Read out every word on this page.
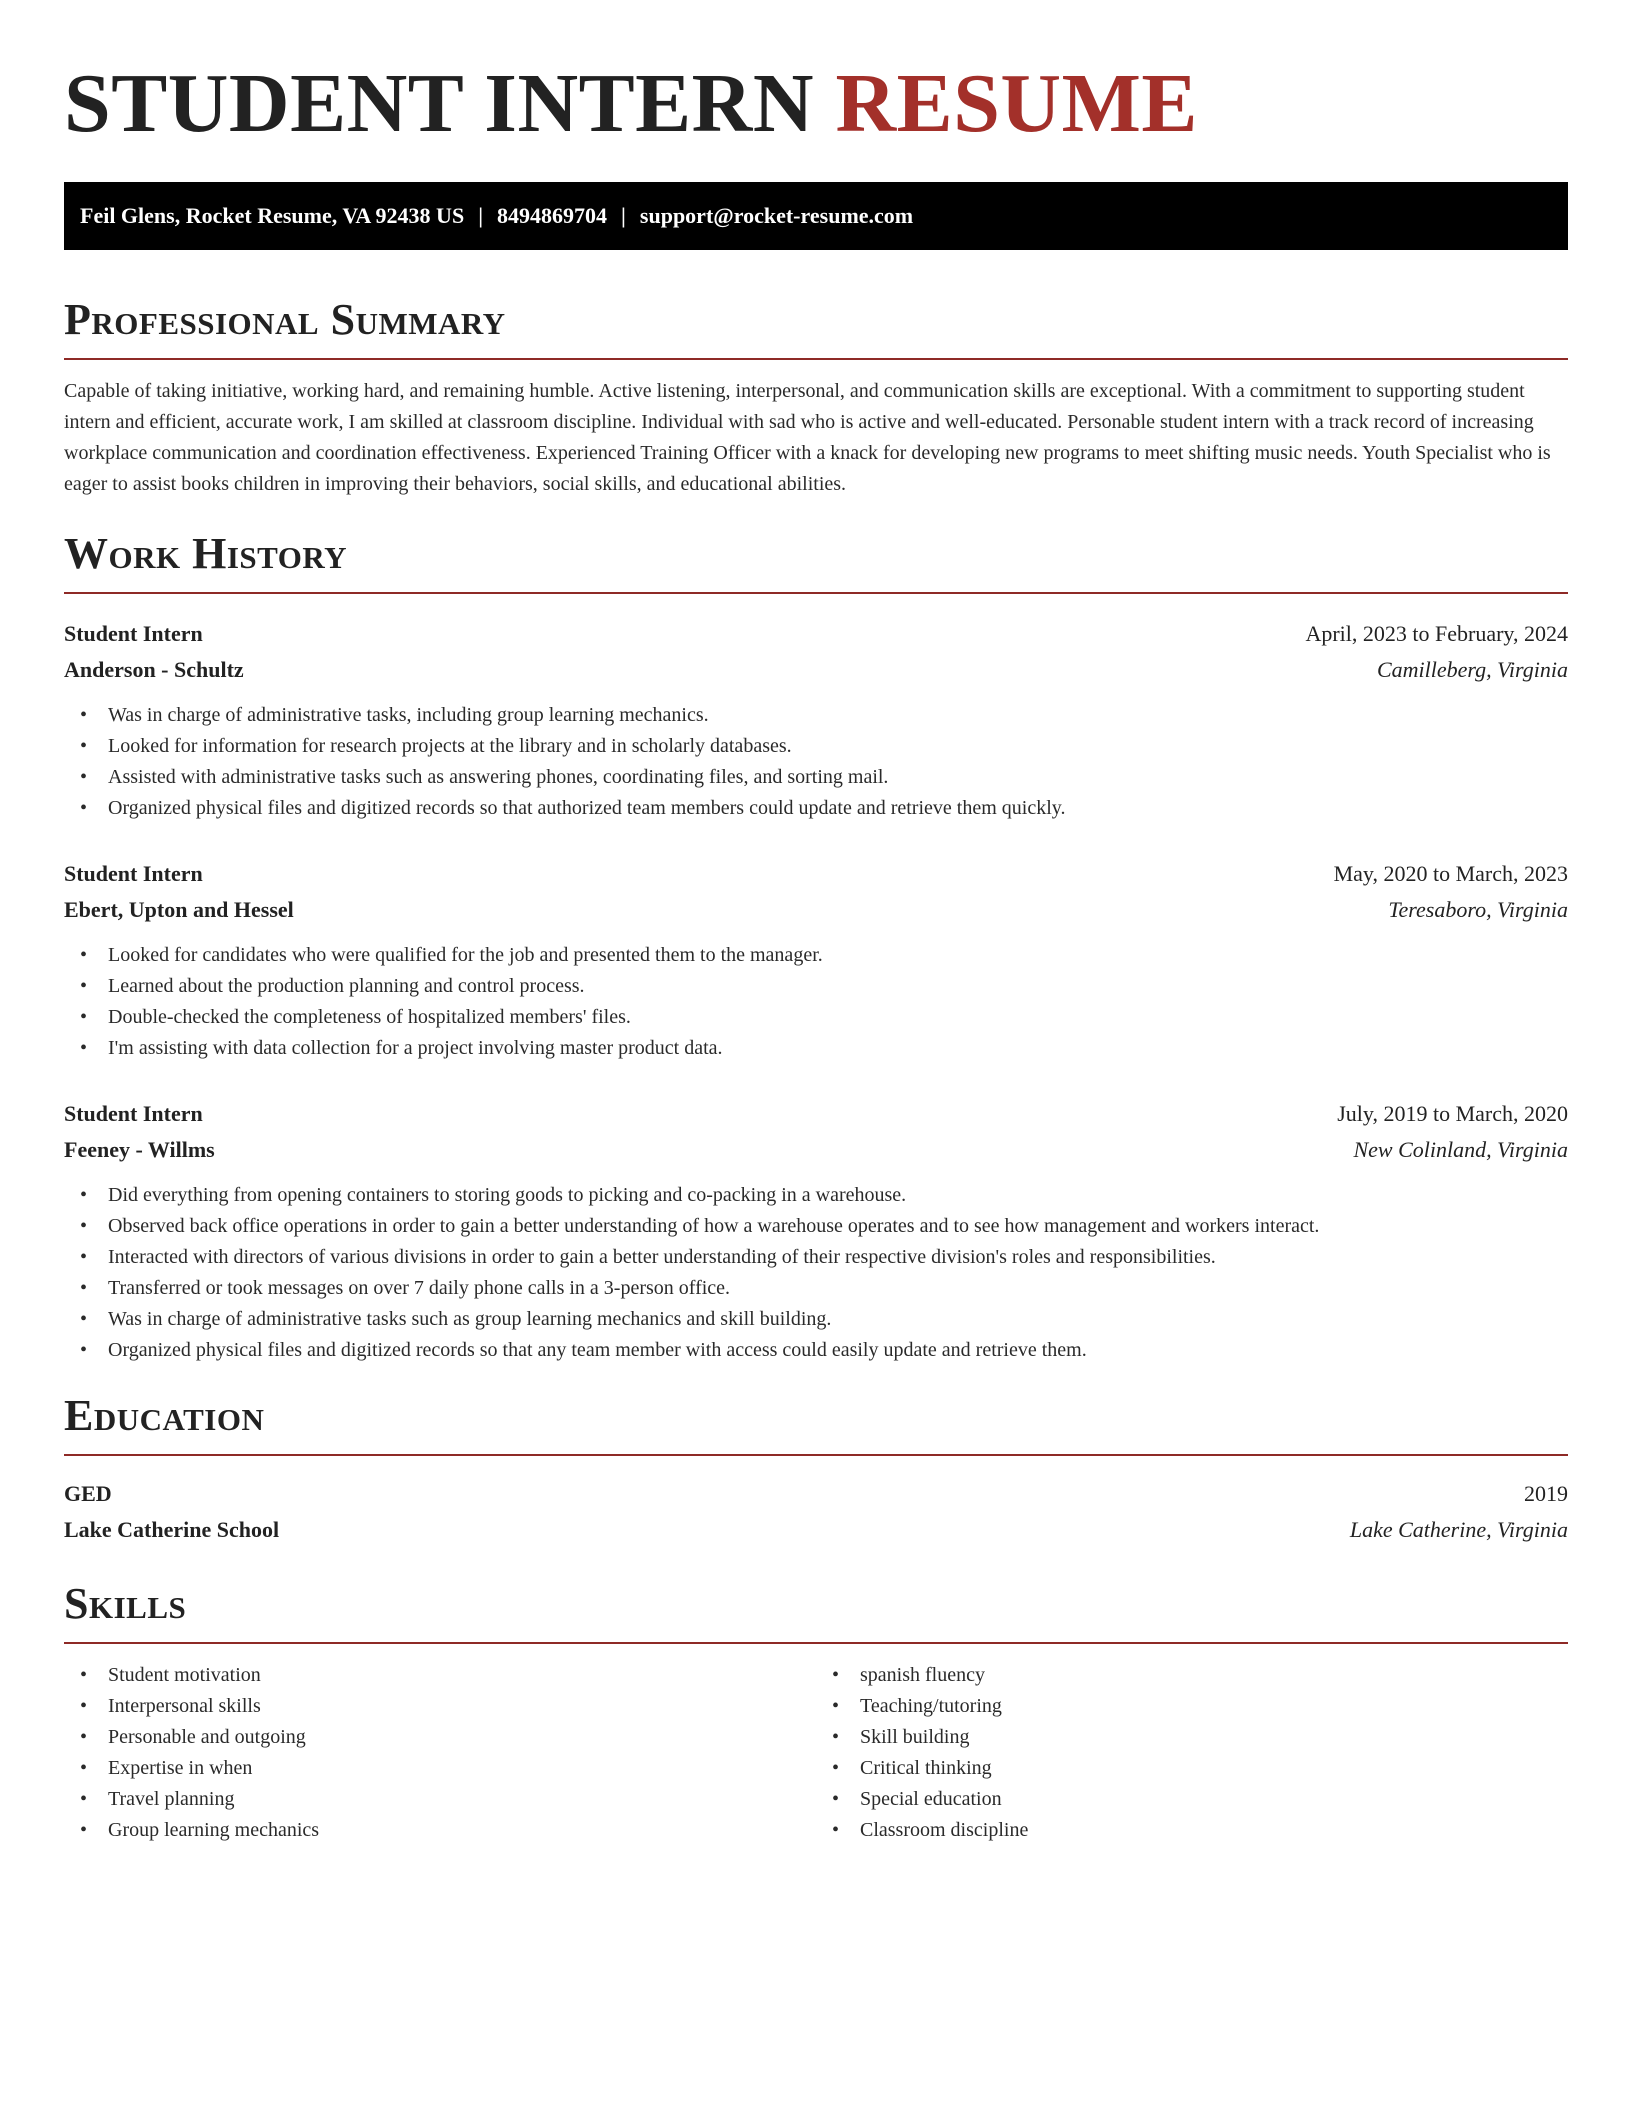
STUDENT INTERN RESUME
Feil Glens, Rocket Resume, VA 92438 US | 8494869704 | support@rocket-resume.com
Professional Summary

Capable of taking initiative, working hard, and remaining humble. Active listening, interpersonal, and communication skills are exceptional. With a commitment to supporting student intern and efficient, accurate work, I am skilled at classroom discipline. Individual with sad who is active and well-educated. Personable student intern with a track record of increasing workplace communication and coordination effectiveness. Experienced Training Officer with a knack for developing new programs to meet shifting music needs. Youth Specialist who is eager to assist books children in improving their behaviors, social skills, and educational abilities.

Work History
Student Intern	April, 2023 to February, 2024
Anderson - Schultz	Camilleberg, Virginia
• Was in charge of administrative tasks, including group learning mechanics.
• Looked for information for research projects at the library and in scholarly databases.
• Assisted with administrative tasks such as answering phones, coordinating files, and sorting mail.
• Organized physical files and digitized records so that authorized team members could update and retrieve them quickly.
Student Intern	May, 2020 to March, 2023
Ebert, Upton and Hessel	Teresaboro, Virginia
• Looked for candidates who were qualified for the job and presented them to the manager.
• Learned about the production planning and control process.
• Double-checked the completeness of hospitalized members' files.
• I'm assisting with data collection for a project involving master product data.
Student Intern	July, 2019 to March, 2020
Feeney - Willms	New Colinland, Virginia
• Did everything from opening containers to storing goods to picking and co-packing in a warehouse.
• Observed back office operations in order to gain a better understanding of how a warehouse operates and to see how management and workers interact.
• Interacted with directors of various divisions in order to gain a better understanding of their respective division's roles and responsibilities.
• Transferred or took messages on over 7 daily phone calls in a 3-person office.
• Was in charge of administrative tasks such as group learning mechanics and skill building.
• Organized physical files and digitized records so that any team member with access could easily update and retrieve them.
Education
GED	2019
Lake Catherine School	Lake Catherine, Virginia
Skills
• Student motivation
• Interpersonal skills
• Personable and outgoing
• Expertise in when
• Travel planning
• Group learning mechanics
• spanish fluency
• Teaching/tutoring
• Skill building
• Critical thinking
• Special education
• Classroom discipline
